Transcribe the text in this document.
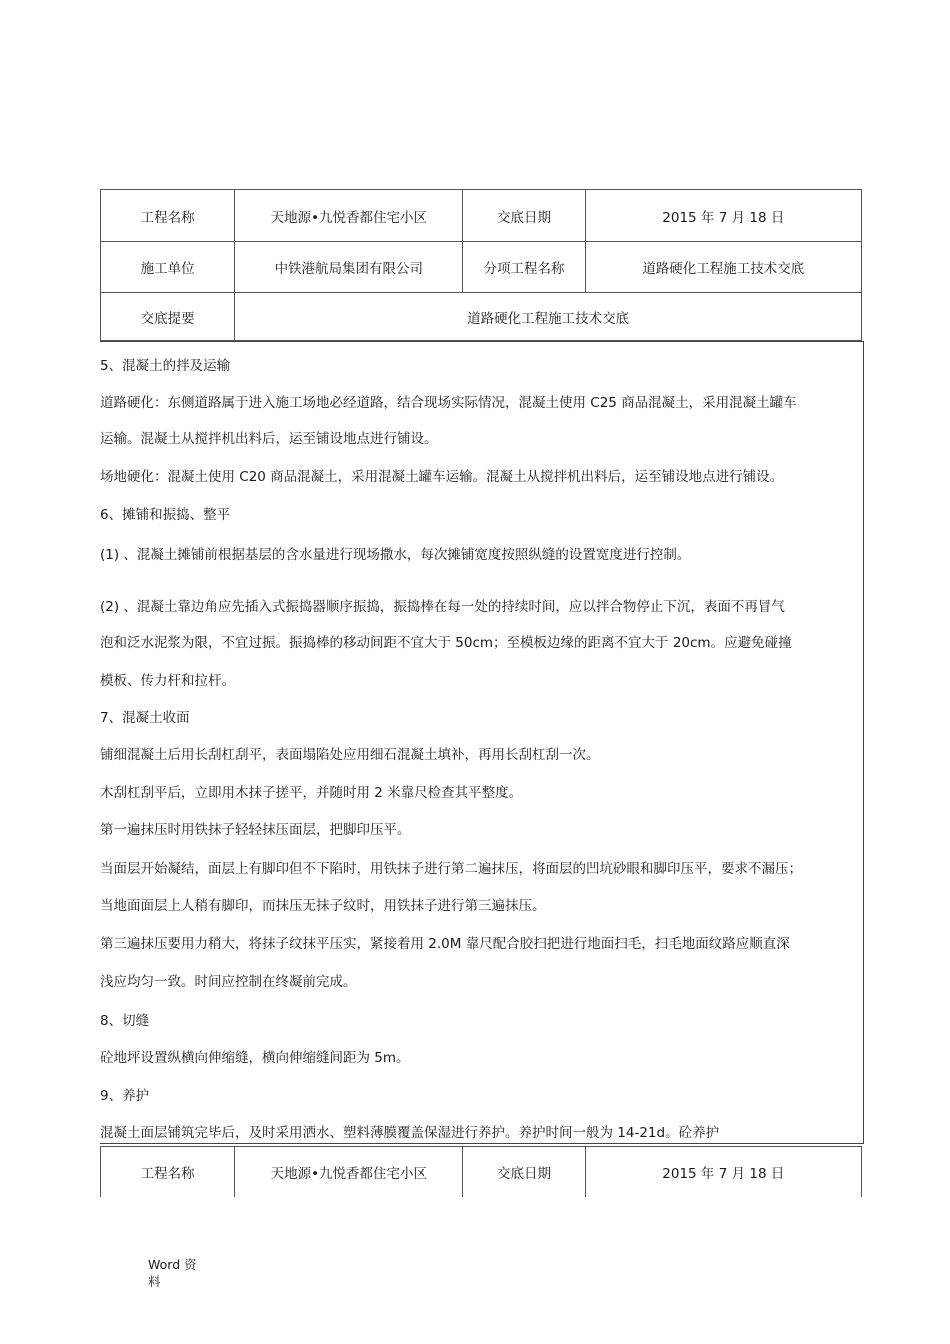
工程名称	天地源•九悦香都住宅小区	交底日期	2015 年 7 月 18 日
施工单位	中铁港航局集团有限公司	分项工程名称	道路硬化工程施工技术交底
交底提要	道路硬化工程施工技术交底		
5、混凝土的拌及运输
道路硬化：东侧道路属于进入施工场地必经道路，结合现场实际情况，混凝土使用 C25 商品混凝土，采用混凝土罐车
运输。混凝土从搅拌机出料后，运至铺设地点进行铺设。
场地硬化：混凝土使用 C20 商品混凝土，采用混凝土罐车运输。混凝土从搅拌机出料后，运至铺设地点进行铺设。
6、摊铺和振捣、整平
(1) 、混凝土摊铺前根据基层的含水量进行现场撒水，每次摊铺宽度按照纵缝的设置宽度进行控制。
(2) 、混凝土靠边角应先插入式振捣器顺序振捣，振捣棒在每一处的持续时间，应以拌合物停止下沉，表面不再冒气
泡和泛水泥浆为限，不宜过振。振捣棒的移动间距不宜大于 50cm；至模板边缘的距离不宜大于 20cm。应避免碰撞
模板、传力杆和拉杆。
7、混凝土收面
铺细混凝土后用长刮杠刮平，表面塌陷处应用细石混凝土填补，再用长刮杠刮一次。
木刮杠刮平后，立即用木抹子搓平，并随时用 2 米靠尺检查其平整度。
第一遍抹压时用铁抹子轻轻抹压面层，把脚印压平。
当面层开始凝结，面层上有脚印但不下陷时，用铁抹子进行第二遍抹压，将面层的凹坑砂眼和脚印压平，要求不漏压；
当地面面层上人稍有脚印，而抹压无抹子纹时，用铁抹子进行第三遍抹压。
第三遍抹压要用力稍大，将抹子纹抹平压实，紧接着用 2.0M 靠尺配合胶扫把进行地面扫毛，扫毛地面纹路应顺直深
浅应均匀一致。时间应控制在终凝前完成。
8、切缝
砼地坪设置纵横向伸缩缝，横向伸缩缝间距为 5m。
9、养护
混凝土面层铺筑完毕后，及时采用洒水、塑料薄膜覆盖保湿进行养护。养护时间一般为 14-21d。砼养护
工程名称	天地源•九悦香都住宅小区	交底日期	2015 年 7 月 18 日
Word 资料
